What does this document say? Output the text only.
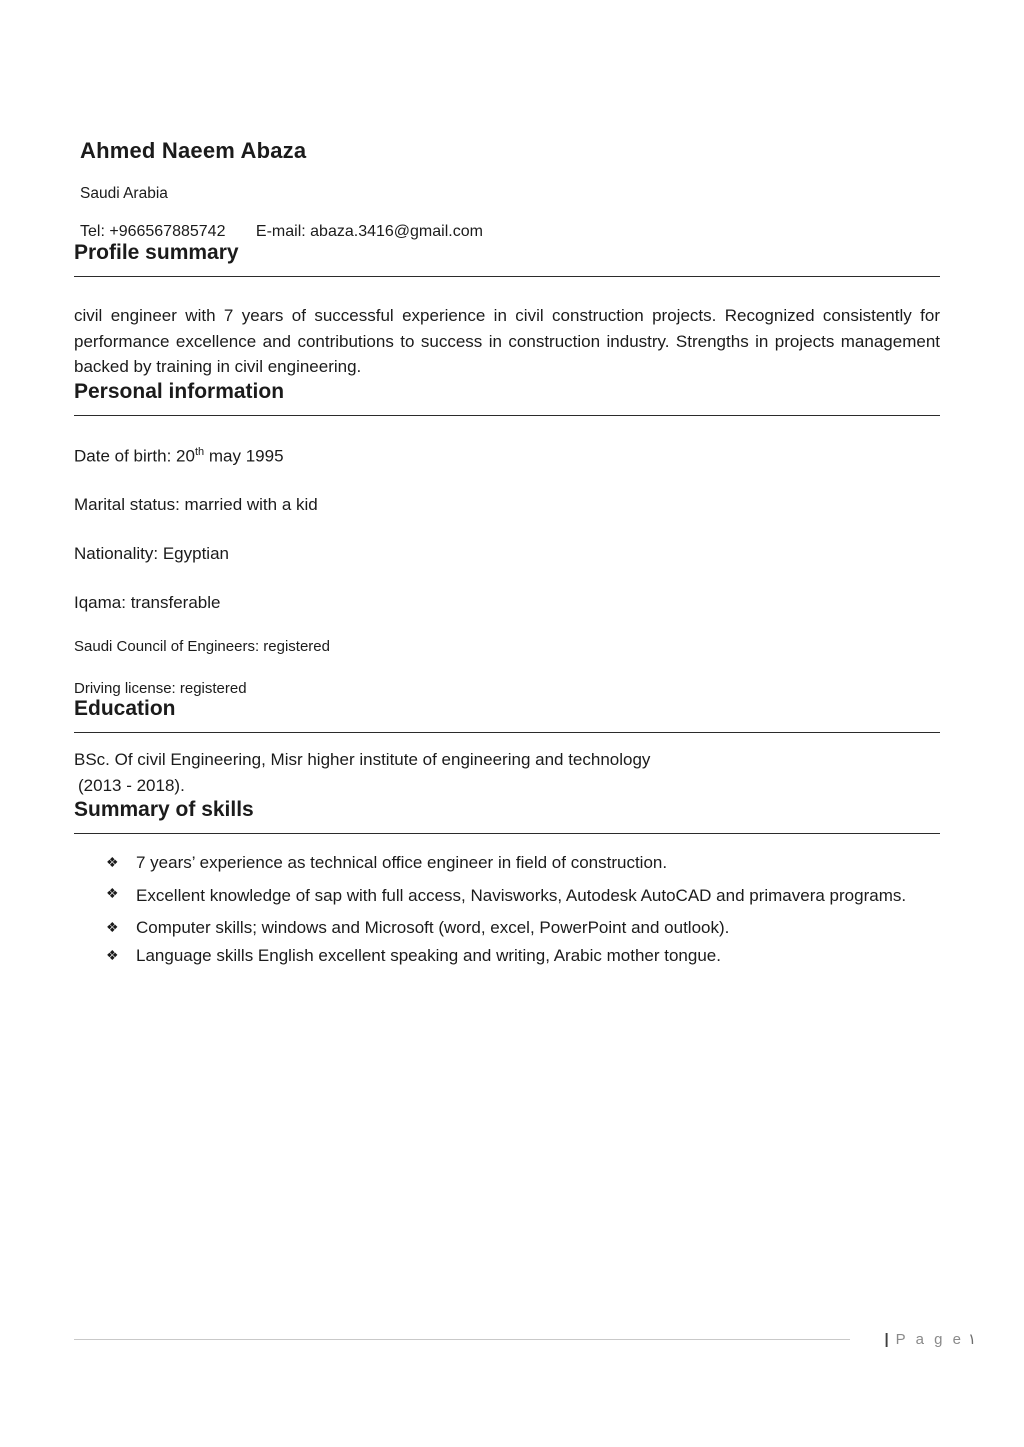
Ahmed Naeem Abaza

Saudi Arabia

Tel: +966567885742 E-mail: abaza.3416@gmail.com

Profile summary

civil engineer with 7 years of successful experience in civil construction projects. Recognized consistently for performance excellence and contributions to success in construction industry. Strengths in projects management backed by training in civil engineering.

Personal information

Date of birth: 20th may 1995

Marital status: married with a kid

Nationality: Egyptian

Iqama: transferable

Saudi Council of Engineers: registered

Driving license: registered

Education

BSc. Of civil Engineering, Misr higher institute of engineering and technology

(2013 - 2018).

Summary of skills
❖	7 years’ experience as technical office engineer in field of construction.
❖	Excellent knowledge of sap with full access, Navisworks, Autodesk AutoCAD and primavera programs.
❖	Computer skills; windows and Microsoft (word, excel, PowerPoint and outlook).
❖	Language skills English excellent speaking and writing, Arabic mother tongue.
| P a g e ١
